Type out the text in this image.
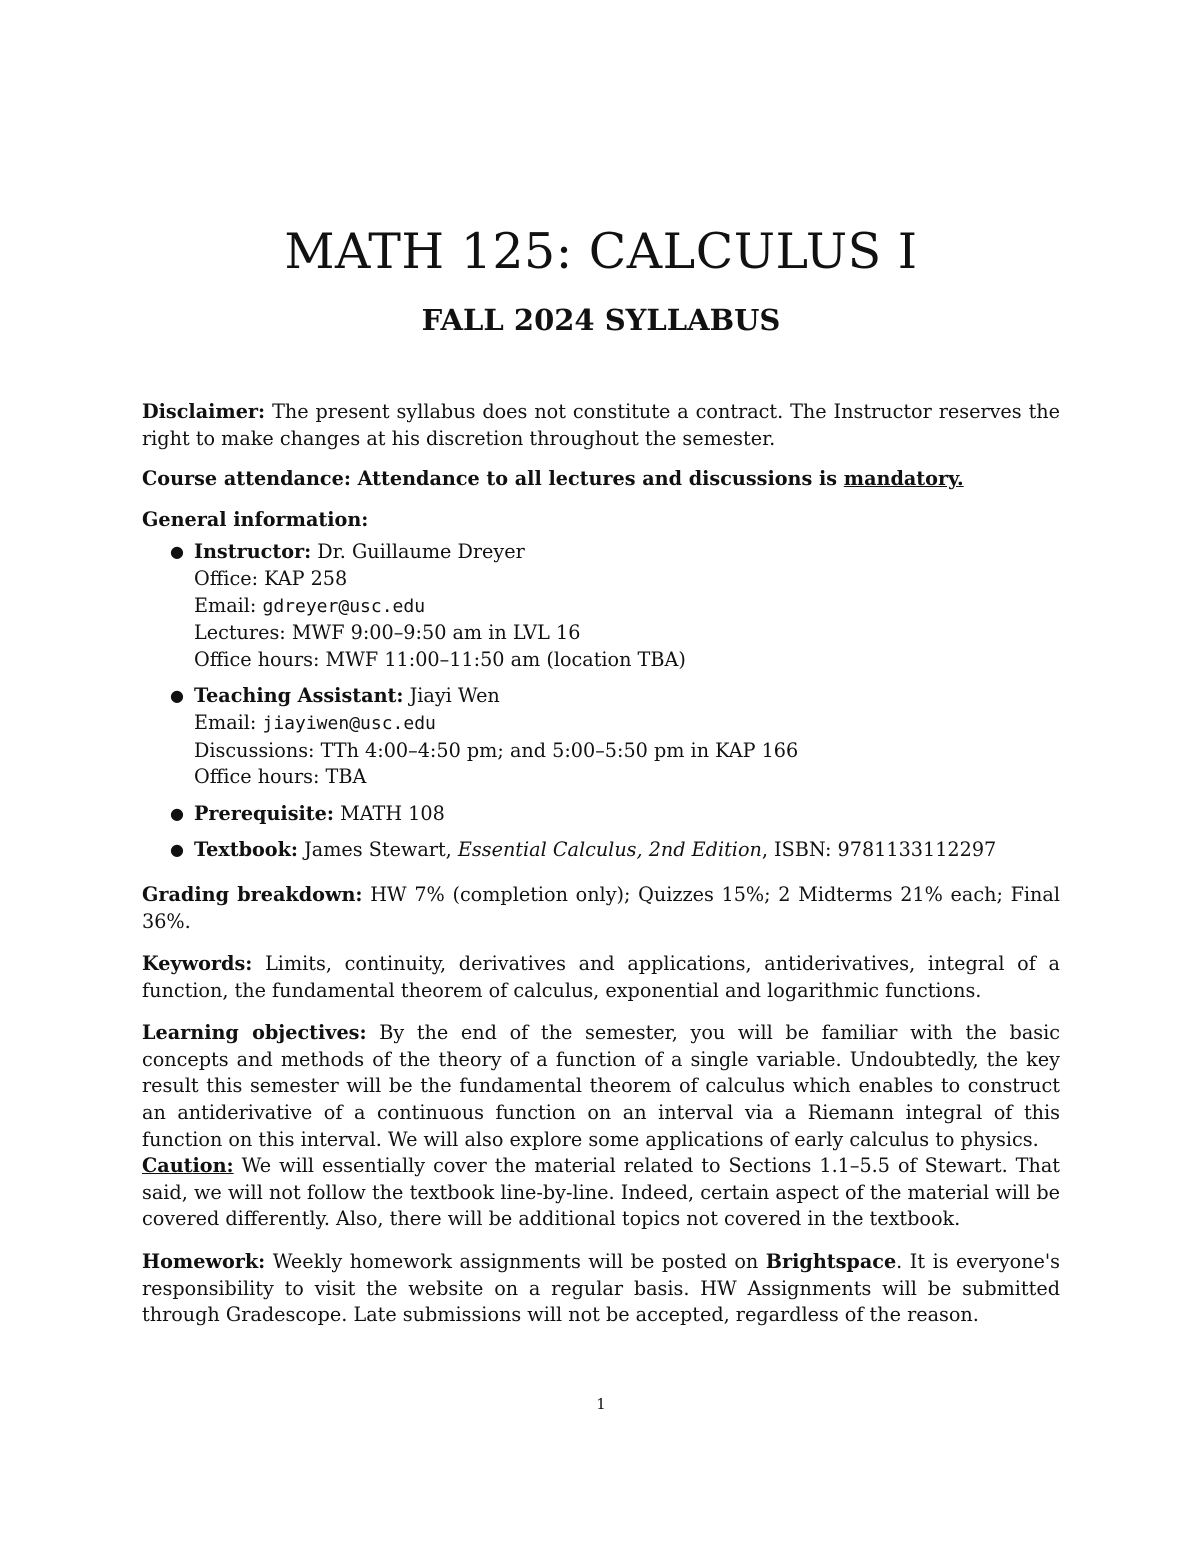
MATH 125: CALCULUS I
FALL 2024 SYLLABUS

Disclaimer: The present syllabus does not constitute a contract. The Instructor reserves the right to make changes at his discretion throughout the semester.

Course attendance: Attendance to all lectures and discussions is mandatory.

General information:

● Instructor: Dr. Guillaume Dreyer
Office: KAP 258
Email: gdreyer@usc.edu
Lectures: MWF 9:00–9:50 am in LVL 16
Office hours: MWF 11:00–11:50 am (location TBA)
● Teaching Assistant: Jiayi Wen
Email: jiayiwen@usc.edu
Discussions: TTh 4:00–4:50 pm; and 5:00–5:50 pm in KAP 166
Office hours: TBA
● Prerequisite: MATH 108
● Textbook: James Stewart, Essential Calculus, 2nd Edition, ISBN: 9781133112297

Grading breakdown: HW 7% (completion only); Quizzes 15%; 2 Midterms 21% each; Final 36%.

Keywords: Limits, continuity, derivatives and applications, antiderivatives, integral of a function, the fundamental theorem of calculus, exponential and logarithmic functions.

Learning objectives: By the end of the semester, you will be familiar with the basic concepts and methods of the theory of a function of a single variable. Undoubtedly, the key result this semester will be the fundamental theorem of calculus which enables to construct an antiderivative of a continuous function on an interval via a Riemann integral of this function on this interval. We will also explore some applications of early calculus to physics.

Caution: We will essentially cover the material related to Sections 1.1–5.5 of Stewart. That said, we will not follow the textbook line-by-line. Indeed, certain aspect of the material will be covered differently. Also, there will be additional topics not covered in the textbook.

Homework: Weekly homework assignments will be posted on Brightspace. It is everyone's responsibility to visit the website on a regular basis. HW Assignments will be submitted through Gradescope. Late submissions will not be accepted, regardless of the reason.

1
